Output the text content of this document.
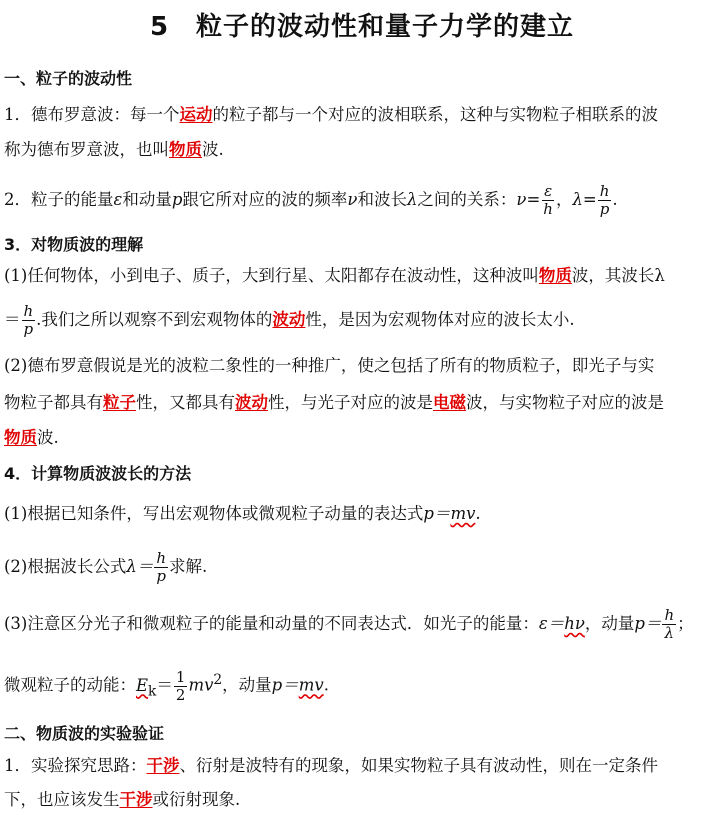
5　粒子的波动性和量子力学的建立
一、粒子的波动性
1．德布罗意波：每一个运动的粒子都与一个对应的波相联系，这种与实物粒子相联系的波
称为德布罗意波，也叫物质波.
2．粒子的能量ε和动量p跟它所对应的波的频率ν和波长λ之间的关系：$\nu= \frac{\varepsilon}{h}$ ，$\lambda= \frac{h}{p}$ .
3．对物质波的理解
(1)任何物体，小到电子、质子，大到行星、太阳都存在波动性，这种波叫物质波，其波长λ
＝ $\frac{h}{p}$ .我们之所以观察不到宏观物体的波动性，是因为宏观物体对应的波长太小.
(2)德布罗意假说是光的波粒二象性的一种推广，使之包括了所有的物质粒子，即光子与实
物粒子都具有粒子性，又都具有波动性，与光子对应的波是电磁波，与实物粒子对应的波是
物质波.
4．计算物质波波长的方法
(1)根据已知条件，写出宏观物体或微观粒子动量的表达式p＝mv.
(2)根据波长公式$\lambda= \frac{h}{p}$ 求解.
(3)注意区分光子和微观粒子的能量和动量的不同表达式．如光子的能量：ε＝hν，动量$p= \frac{h}{\lambda}$ ；
微观粒子的动能：$E_k= \frac{1}{2} mv^2$，动量p＝mv.
二、物质波的实验验证
1．实验探究思路：干涉、衍射是波特有的现象，如果实物粒子具有波动性，则在一定条件
下，也应该发生干涉或衍射现象.
